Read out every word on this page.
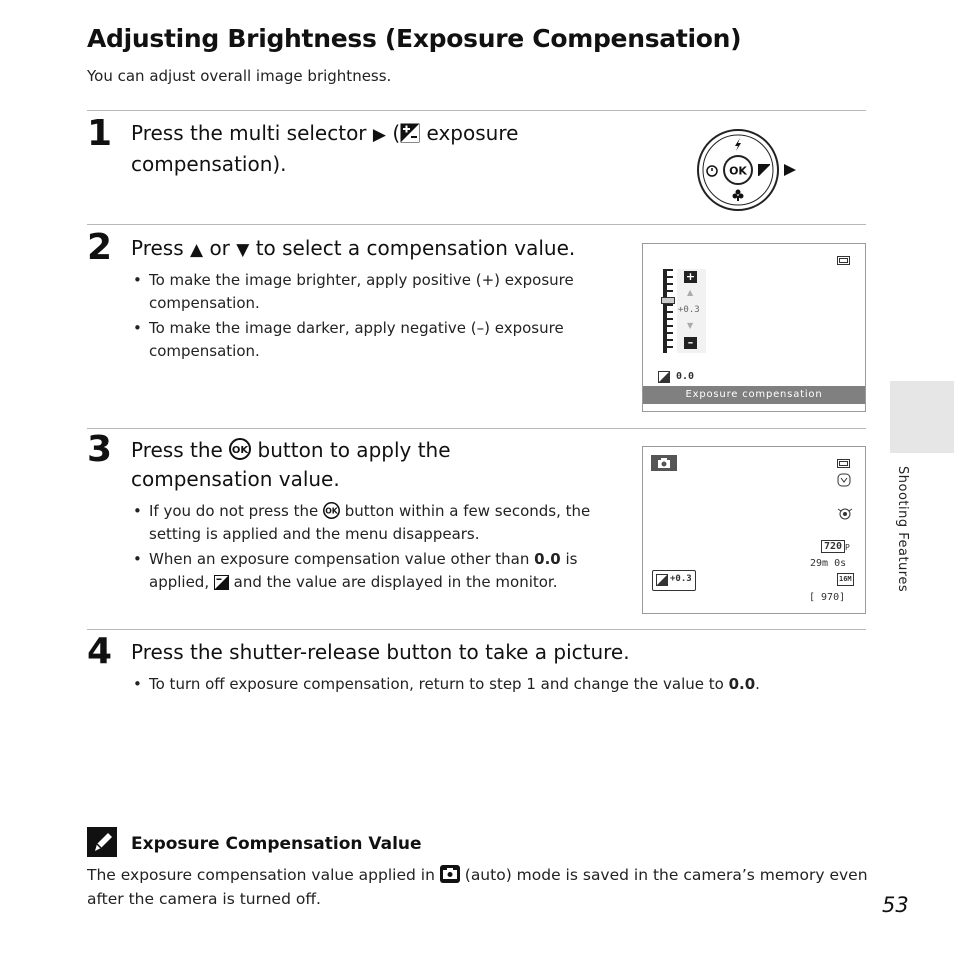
Adjusting Brightness (Exposure Compensation)
You can adjust overall image brightness.
Shooting Features
1 Press the multi selector ▶ ( exposure
compensation).	OK
2 Press ▲ or ▼ to select a compensation value.
• To make the image brighter, apply positive (+) exposure compensation.
• To make the image darker, apply negative (–) exposure compensation.
+
▲
+0.3
▼
–
0.0
Exposure compensation
3 Press the OK button to apply the
compensation value.
• If you do not press the OK button within a few seconds, the setting is applied and the menu disappears.
• When an exposure compensation value other than 0.0 is applied, and the value are displayed in the monitor.
720 P
29m 0s
+0.3	16M
[ 970]
4 Press the shutter-release button to take a picture.
• To turn off exposure compensation, return to step 1 and change the value to 0.0.
Exposure Compensation Value
The exposure compensation value applied in (auto) mode is saved in the camera’s memory even after the camera is turned off.	53
